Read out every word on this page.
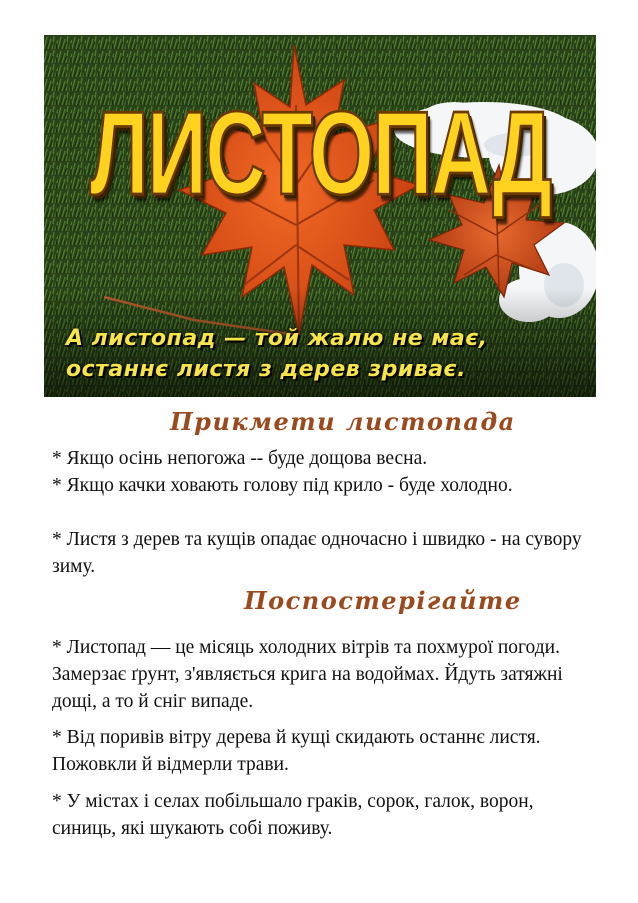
ЛИСТОПАД
А листопад — той жалю не має,
останнє листя з дерев зриває.
Прикмети листопада

* Якщо осінь непогожа -- буде дощова весна.

* Якщо качки ховають голову під крило - буде холодно.

* Листя з дерев та кущів опадає одночасно і швидко - на сувору зиму.

Поспостерігайте

* Листопад — це місяць холодних вітрів та похмурої погоди. Замерзає ґрунт, з'являється крига на водоймах. Йдуть затяжні дощі, а то й сніг випаде.

* Від поривів вітру дерева й кущі скидають останнє листя. Пожовкли й відмерли трави.

* У містах і селах побільшало граків, сорок, галок, ворон, синиць, які шукають собі поживу.
